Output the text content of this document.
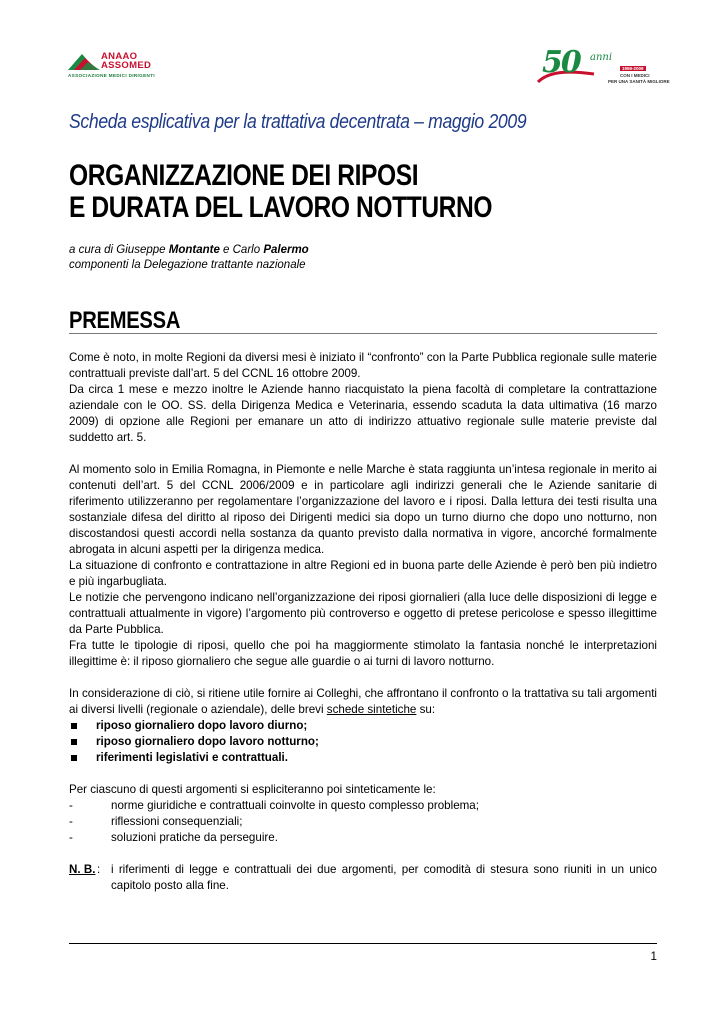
ANAAO
ASSOMED
ASSOCIAZIONE MEDICI DIRIGENTI	50 anni
1959-2009
CON I MEDICI
PER UNA SANITÀ MIGLIORE
Scheda esplicativa per la trattativa decentrata – maggio 2009
ORGANIZZAZIONE DEI RIPOSI
E DURATA DEL LAVORO NOTTURNO
a cura di Giuseppe Montante e Carlo Palermo
componenti la Delegazione trattante nazionale
PREMESSA

Come è noto, in molte Regioni da diversi mesi è iniziato il “confronto” con la Parte Pubblica regionale sulle materie contrattuali previste dall’art. 5 del CCNL 16 ottobre 2009.

Da circa 1 mese e mezzo inoltre le Aziende hanno riacquistato la piena facoltà di completare la contrattazione aziendale con le OO. SS. della Dirigenza Medica e Veterinaria, essendo scaduta la data ultimativa (16 marzo 2009) di opzione alle Regioni per emanare un atto di indirizzo attuativo regionale sulle materie previste dal suddetto art. 5.

Al momento solo in Emilia Romagna, in Piemonte e nelle Marche è stata raggiunta un’intesa regionale in merito ai contenuti dell’art. 5 del CCNL 2006/2009 e in particolare agli indirizzi generali che le Aziende sanitarie di riferimento utilizzeranno per regolamentare l’organizzazione del lavoro e i riposi. Dalla lettura dei testi risulta una sostanziale difesa del diritto al riposo dei Dirigenti medici sia dopo un turno diurno che dopo uno notturno, non discostandosi questi accordi nella sostanza da quanto previsto dalla normativa in vigore, ancorché formalmente abrogata in alcuni aspetti per la dirigenza medica.

La situazione di confronto e contrattazione in altre Regioni ed in buona parte delle Aziende è però ben più indietro e più ingarbugliata.

Le notizie che pervengono indicano nell’organizzazione dei riposi giornalieri (alla luce delle disposizioni di legge e contrattuali attualmente in vigore) l’argomento più controverso e oggetto di pretese pericolose e spesso illegittime da Parte Pubblica.

Fra tutte le tipologie di riposi, quello che poi ha maggiormente stimolato la fantasia nonché le interpretazioni illegittime è: il riposo giornaliero che segue alle guardie o ai turni di lavoro notturno.

In considerazione di ciò, si ritiene utile fornire ai Colleghi, che affrontano il confronto o la trattativa su tali argomenti ai diversi livelli (regionale o aziendale), delle brevi schede sintetiche su:

riposo giornaliero dopo lavoro diurno;
riposo giornaliero dopo lavoro notturno;
riferimenti legislativi e contrattuali.

Per ciascuno di questi argomenti si espliciteranno poi sinteticamente le:

- norme giuridiche e contrattuali coinvolte in questo complesso problema;
- riflessioni consequenziali;
- soluzioni pratiche da perseguire.
N. B. : i riferimenti di legge e contrattuali dei due argomenti, per comodità di stesura sono riuniti in un unico capitolo posto alla fine.
1
